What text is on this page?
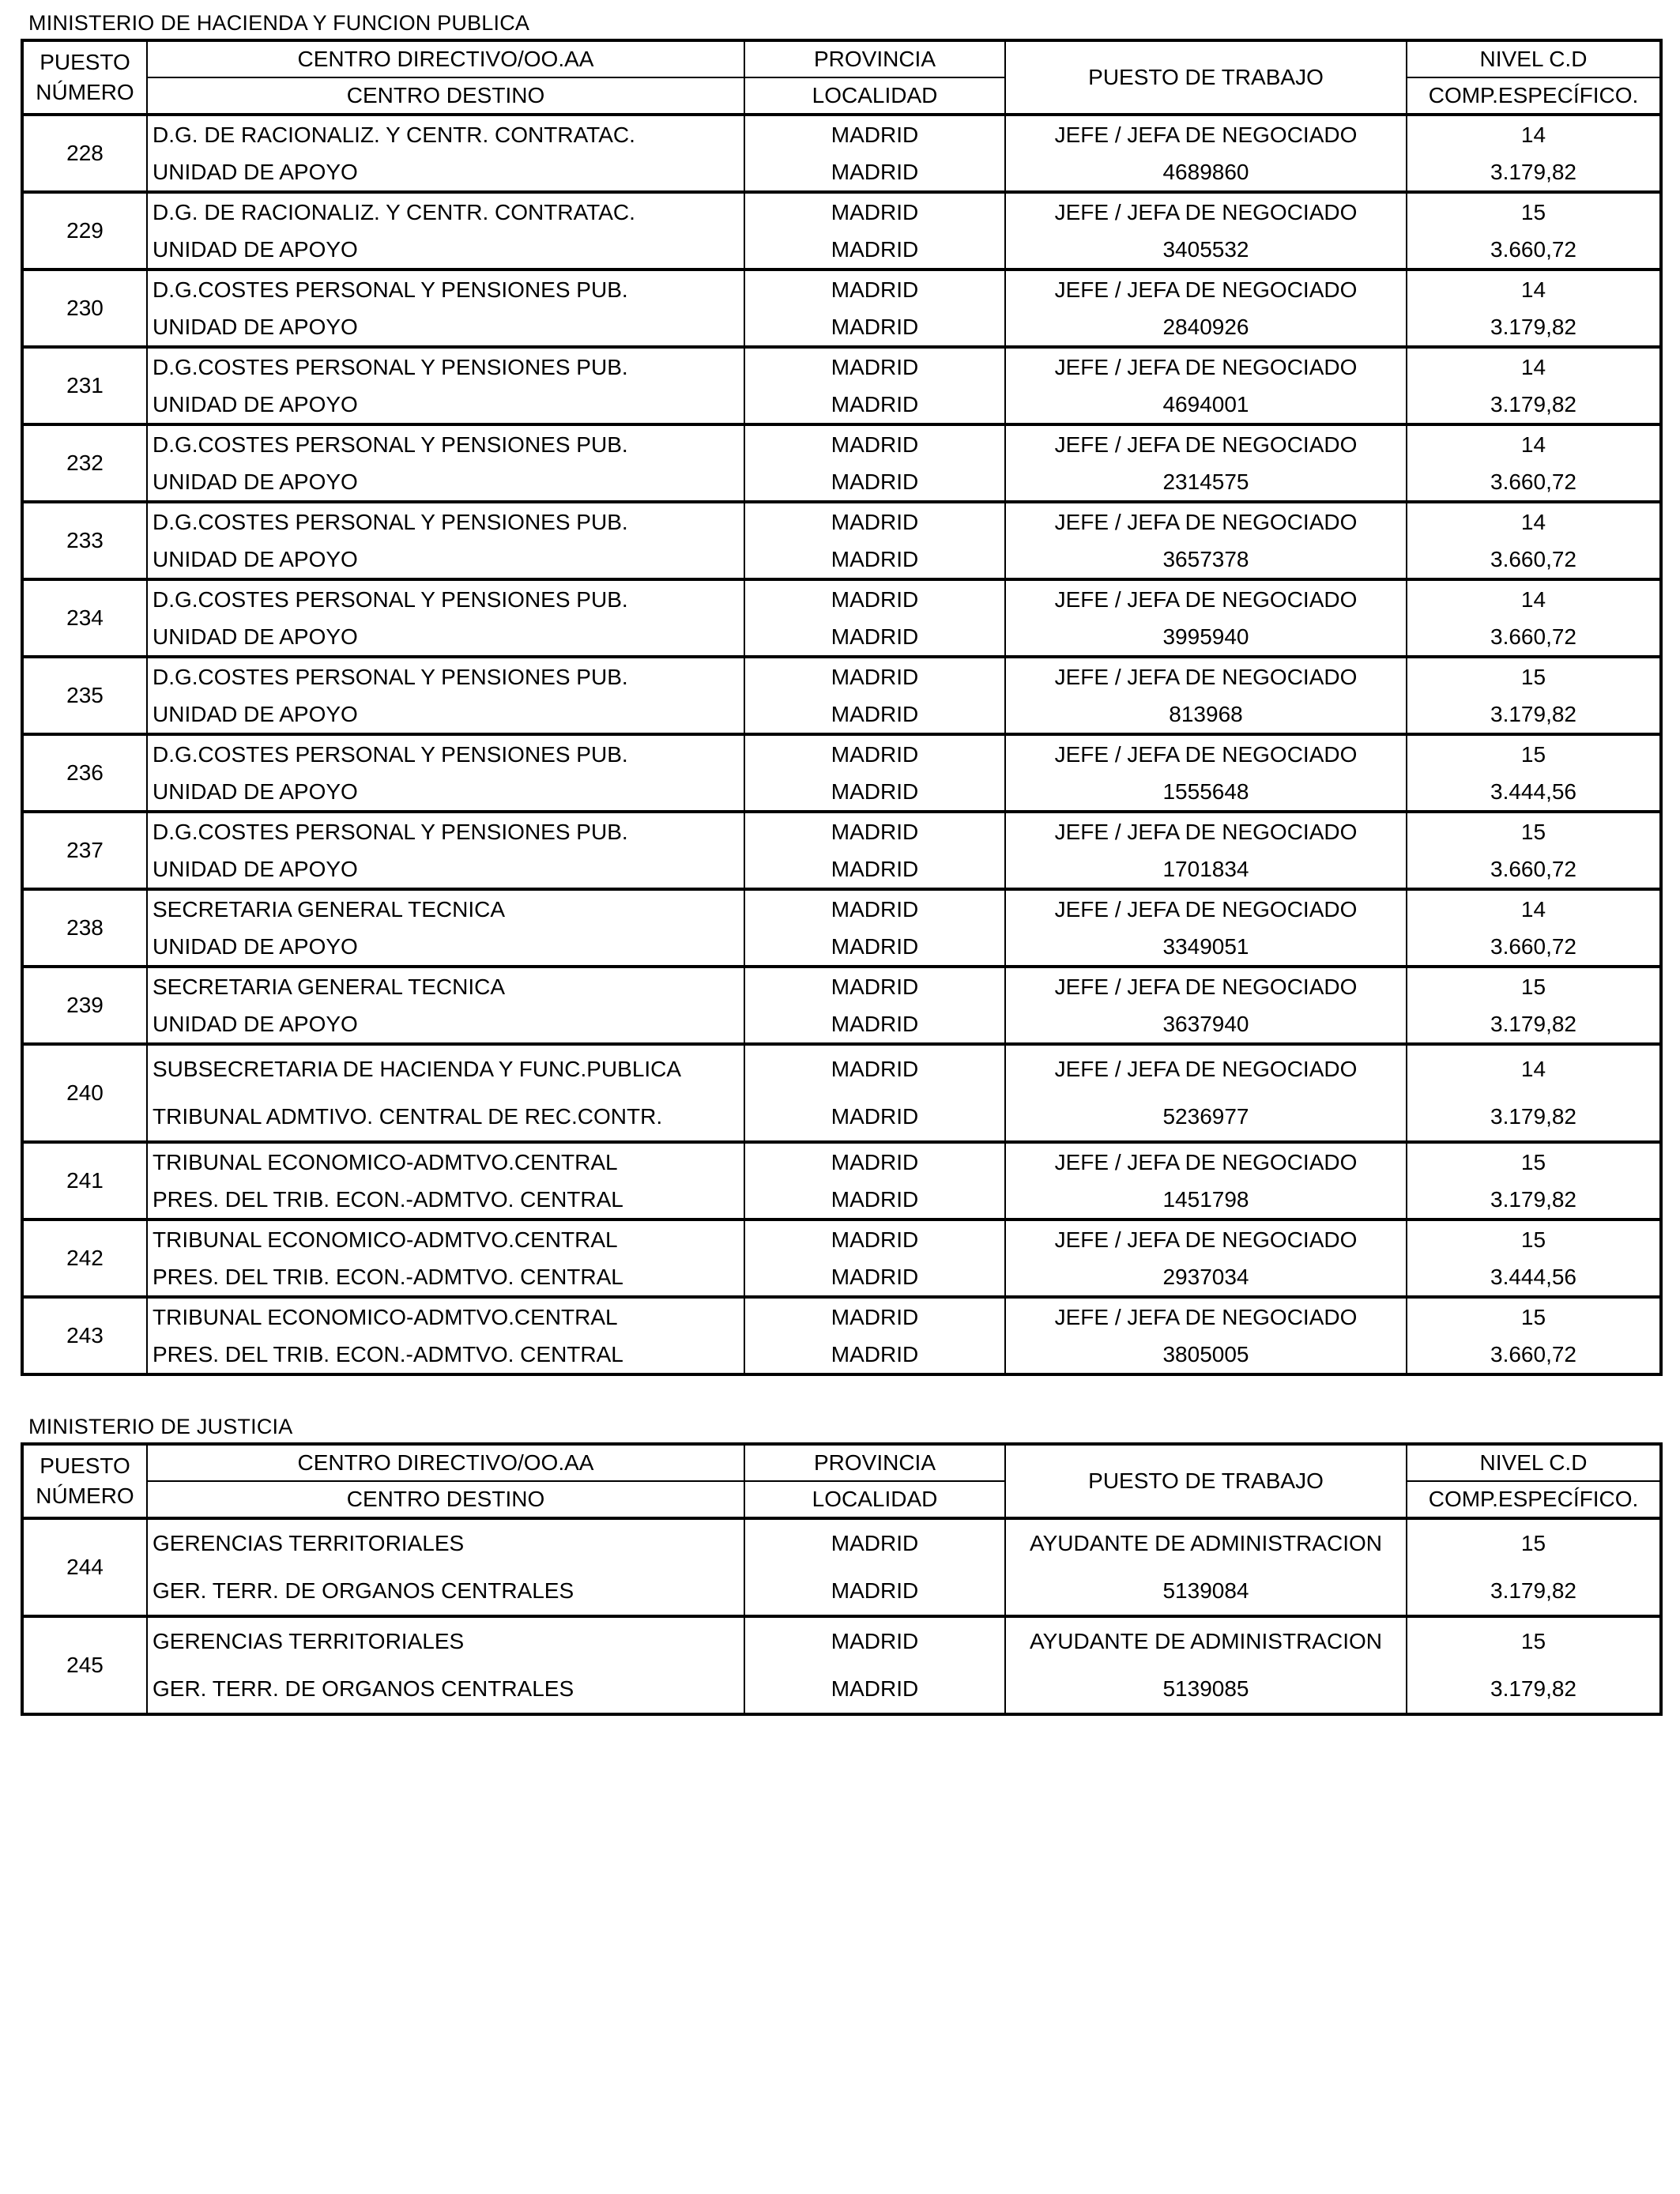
MINISTERIO DE HACIENDA Y FUNCION PUBLICA
PUESTO
NÚMERO	CENTRO DIRECTIVO/OO.AA	PROVINCIA	PUESTO DE TRABAJO	NIVEL C.D
	CENTRO DESTINO	LOCALIDAD		COMP.ESPECÍFICO.
228	D.G. DE RACIONALIZ. Y CENTR. CONTRATAC.	MADRID	JEFE / JEFA DE NEGOCIADO	14

	UNIDAD DE APOYO	MADRID	4689860	3.179,82

229	D.G. DE RACIONALIZ. Y CENTR. CONTRATAC.	MADRID	JEFE / JEFA DE NEGOCIADO	15

	UNIDAD DE APOYO	MADRID	3405532	3.660,72

230	D.G.COSTES PERSONAL Y PENSIONES PUB.	MADRID	JEFE / JEFA DE NEGOCIADO	14

	UNIDAD DE APOYO	MADRID	2840926	3.179,82

231	D.G.COSTES PERSONAL Y PENSIONES PUB.	MADRID	JEFE / JEFA DE NEGOCIADO	14

	UNIDAD DE APOYO	MADRID	4694001	3.179,82

232	D.G.COSTES PERSONAL Y PENSIONES PUB.	MADRID	JEFE / JEFA DE NEGOCIADO	14

	UNIDAD DE APOYO	MADRID	2314575	3.660,72

233	D.G.COSTES PERSONAL Y PENSIONES PUB.	MADRID	JEFE / JEFA DE NEGOCIADO	14

	UNIDAD DE APOYO	MADRID	3657378	3.660,72

234	D.G.COSTES PERSONAL Y PENSIONES PUB.	MADRID	JEFE / JEFA DE NEGOCIADO	14

	UNIDAD DE APOYO	MADRID	3995940	3.660,72

235	D.G.COSTES PERSONAL Y PENSIONES PUB.	MADRID	JEFE / JEFA DE NEGOCIADO	15

	UNIDAD DE APOYO	MADRID	813968	3.179,82

236	D.G.COSTES PERSONAL Y PENSIONES PUB.	MADRID	JEFE / JEFA DE NEGOCIADO	15

	UNIDAD DE APOYO	MADRID	1555648	3.444,56

237	D.G.COSTES PERSONAL Y PENSIONES PUB.	MADRID	JEFE / JEFA DE NEGOCIADO	15

	UNIDAD DE APOYO	MADRID	1701834	3.660,72

238	SECRETARIA GENERAL TECNICA	MADRID	JEFE / JEFA DE NEGOCIADO	14

	UNIDAD DE APOYO	MADRID	3349051	3.660,72

239	SECRETARIA GENERAL TECNICA	MADRID	JEFE / JEFA DE NEGOCIADO	15

	UNIDAD DE APOYO	MADRID	3637940	3.179,82

240	SUBSECRETARIA DE HACIENDA Y FUNC.PUBLICA	MADRID	JEFE / JEFA DE NEGOCIADO	14

	TRIBUNAL ADMTIVO. CENTRAL DE REC.CONTR.	MADRID	5236977	3.179,82

241	TRIBUNAL ECONOMICO-ADMTVO.CENTRAL	MADRID	JEFE / JEFA DE NEGOCIADO	15

	PRES. DEL TRIB. ECON.-ADMTVO. CENTRAL	MADRID	1451798	3.179,82

242	TRIBUNAL ECONOMICO-ADMTVO.CENTRAL	MADRID	JEFE / JEFA DE NEGOCIADO	15

	PRES. DEL TRIB. ECON.-ADMTVO. CENTRAL	MADRID	2937034	3.444,56

243	TRIBUNAL ECONOMICO-ADMTVO.CENTRAL	MADRID	JEFE / JEFA DE NEGOCIADO	15

	PRES. DEL TRIB. ECON.-ADMTVO. CENTRAL	MADRID	3805005	3.660,72
MINISTERIO DE JUSTICIA
PUESTO
NÚMERO	CENTRO DIRECTIVO/OO.AA	PROVINCIA	PUESTO DE TRABAJO	NIVEL C.D
	CENTRO DESTINO	LOCALIDAD		COMP.ESPECÍFICO.
244	GERENCIAS TERRITORIALES	MADRID	AYUDANTE DE ADMINISTRACION	15

	GER. TERR. DE ORGANOS CENTRALES	MADRID	5139084	3.179,82

245	GERENCIAS TERRITORIALES	MADRID	AYUDANTE DE ADMINISTRACION	15

	GER. TERR. DE ORGANOS CENTRALES	MADRID	5139085	3.179,82
